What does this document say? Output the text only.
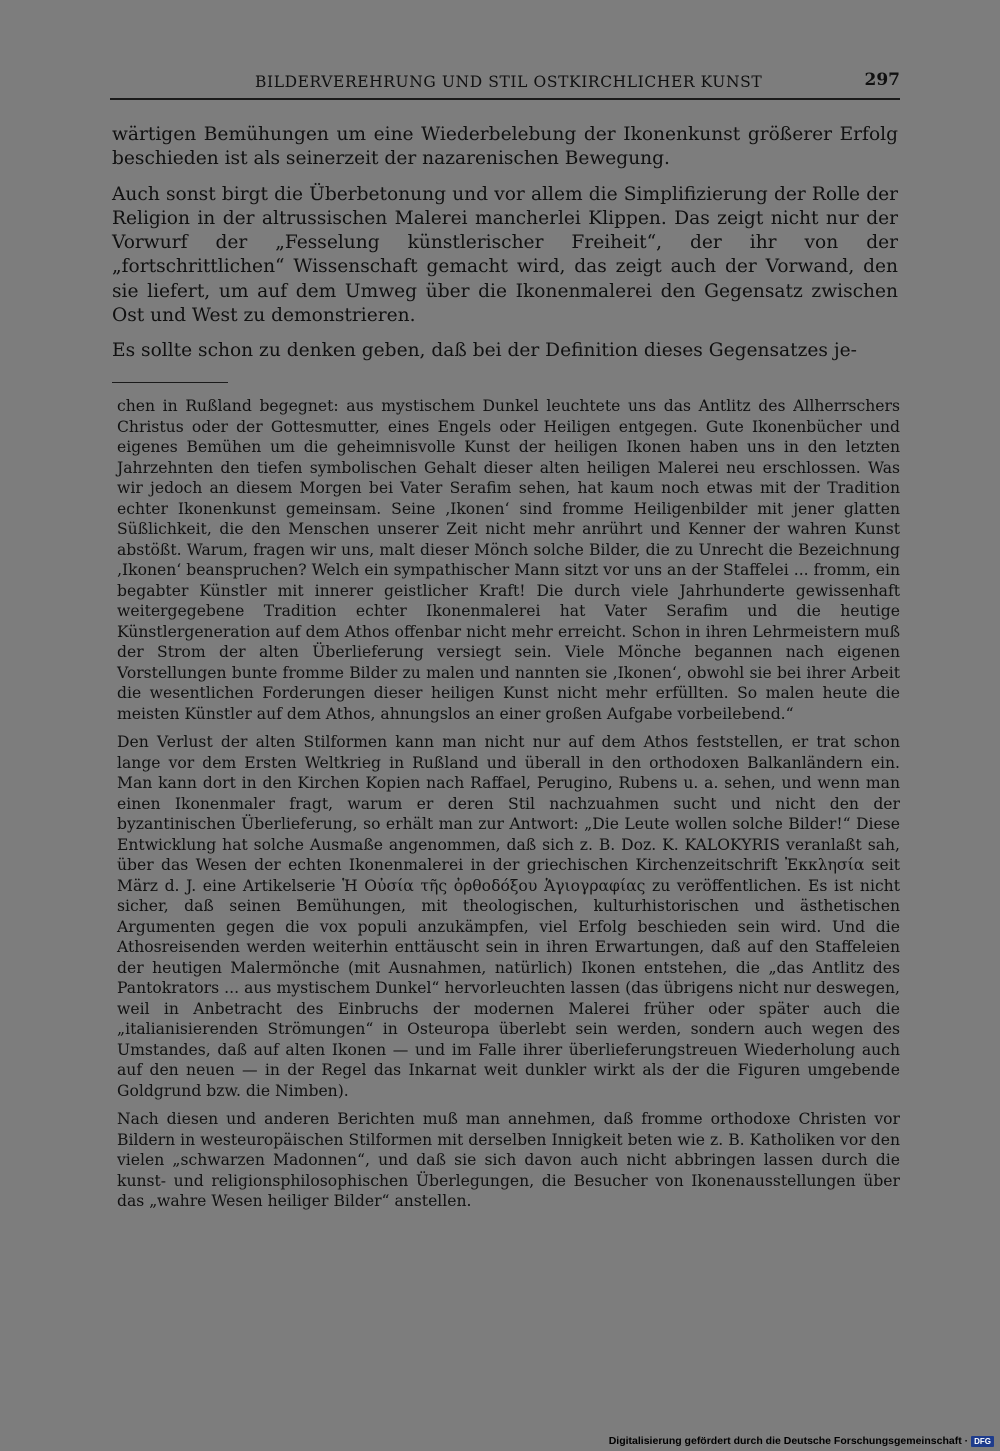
BILDERVEREHRUNG UND STIL OSTKIRCHLICHER KUNST	297

wärtigen Bemühungen um eine Wiederbelebung der Ikonenkunst größerer Erfolg beschieden ist als seinerzeit der nazarenischen Bewegung.

Auch sonst birgt die Überbetonung und vor allem die Simplifizierung der Rolle der Religion in der altrussischen Malerei mancherlei Klippen. Das zeigt nicht nur der Vorwurf der „Fesselung künstlerischer Freiheit“, der ihr von der „fortschrittlichen“ Wissenschaft gemacht wird, das zeigt auch der Vorwand, den sie liefert, um auf dem Umweg über die Ikonenmalerei den Gegensatz zwischen Ost und West zu demonstrieren.

Es sollte schon zu denken geben, daß bei der Definition dieses Gegensatzes je-

chen in Rußland begegnet: aus mystischem Dunkel leuchtete uns das Antlitz des Allherrschers Christus oder der Gottesmutter, eines Engels oder Heiligen entgegen. Gute Ikonenbücher und eigenes Bemühen um die geheimnisvolle Kunst der heiligen Ikonen haben uns in den letzten Jahrzehnten den tiefen symbolischen Gehalt dieser alten heiligen Malerei neu erschlossen. Was wir jedoch an diesem Morgen bei Vater Serafim sehen, hat kaum noch etwas mit der Tradition echter Ikonenkunst gemeinsam. Seine ‚Ikonen‘ sind fromme Heiligenbilder mit jener glatten Süßlichkeit, die den Menschen unserer Zeit nicht mehr anrührt und Kenner der wahren Kunst abstößt. Warum, fragen wir uns, malt dieser Mönch solche Bilder, die zu Unrecht die Bezeichnung ‚Ikonen‘ beanspruchen? Welch ein sympathischer Mann sitzt vor uns an der Staffelei ... fromm, ein begabter Künstler mit innerer geistlicher Kraft! Die durch viele Jahrhunderte gewissenhaft weitergegebene Tradition echter Ikonenmalerei hat Vater Serafim und die heutige Künstlergeneration auf dem Athos offenbar nicht mehr erreicht. Schon in ihren Lehrmeistern muß der Strom der alten Überlieferung versiegt sein. Viele Mönche begannen nach eigenen Vorstellungen bunte fromme Bilder zu malen und nannten sie ‚Ikonen‘, obwohl sie bei ihrer Arbeit die wesentlichen Forderungen dieser heiligen Kunst nicht mehr erfüllten. So malen heute die meisten Künstler auf dem Athos, ahnungslos an einer großen Aufgabe vorbeilebend.“

Den Verlust der alten Stilformen kann man nicht nur auf dem Athos feststellen, er trat schon lange vor dem Ersten Weltkrieg in Rußland und überall in den orthodoxen Balkanländern ein. Man kann dort in den Kirchen Kopien nach Raffael, Perugino, Rubens u. a. sehen, und wenn man einen Ikonenmaler fragt, warum er deren Stil nachzuahmen sucht und nicht den der byzantinischen Überlieferung, so erhält man zur Antwort: „Die Leute wollen solche Bilder!“ Diese Entwicklung hat solche Ausmaße angenommen, daß sich z. B. Doz. K. KALOKYRIS veranlaßt sah, über das Wesen der echten Ikonenmalerei in der griechischen Kirchenzeitschrift Ἐκκλησία seit März d. J. eine Artikelserie Ἡ Οὐσία τῆς ὀρθοδόξου Ἁγιογραφίας zu veröffentlichen. Es ist nicht sicher, daß seinen Bemühungen, mit theologischen, kulturhistorischen und ästhetischen Argumenten gegen die vox populi anzukämpfen, viel Erfolg beschieden sein wird. Und die Athosreisenden werden weiterhin enttäuscht sein in ihren Erwartungen, daß auf den Staffeleien der heutigen Malermönche (mit Ausnahmen, natürlich) Ikonen entstehen, die „das Antlitz des Pantokrators ... aus mystischem Dunkel“ hervorleuchten lassen (das übrigens nicht nur deswegen, weil in Anbetracht des Einbruchs der modernen Malerei früher oder später auch die „italianisierenden Strömungen“ in Osteuropa überlebt sein werden, sondern auch wegen des Umstandes, daß auf alten Ikonen — und im Falle ihrer überlieferungstreuen Wiederholung auch auf den neuen — in der Regel das Inkarnat weit dunkler wirkt als der die Figuren umgebende Goldgrund bzw. die Nimben).

Nach diesen und anderen Berichten muß man annehmen, daß fromme orthodoxe Christen vor Bildern in westeuropäischen Stilformen mit derselben Innigkeit beten wie z. B. Katholiken vor den vielen „schwarzen Madonnen“, und daß sie sich davon auch nicht abbringen lassen durch die kunst- und religionsphilosophischen Überlegungen, die Besucher von Ikonenausstellungen über das „wahre Wesen heiliger Bilder“ anstellen.

Digitalisierung gefördert durch die Deutsche Forschungsgemeinschaft · DFG
